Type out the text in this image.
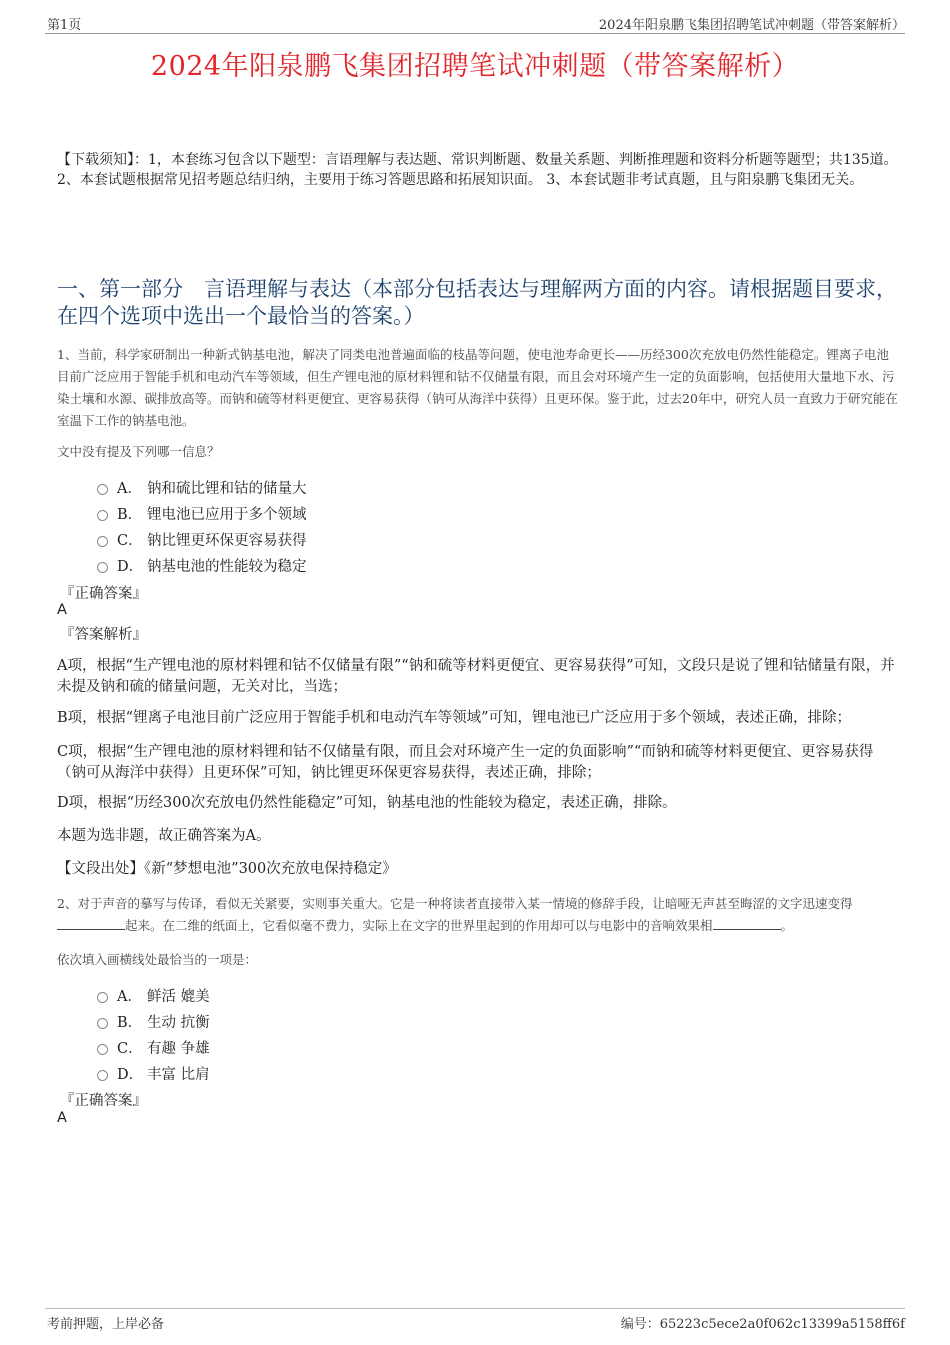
第1页	2024年阳泉鹏飞集团招聘笔试冲刺题（带答案解析）
2024年阳泉鹏飞集团招聘笔试冲刺题（带答案解析）
【下载须知】：1，本套练习包含以下题型：言语理解与表达题、常识判断题、数量关系题、判断推理题和资料分析题等题型；共135道。 2、本套试题根据常见招考题总结归纳，主要用于练习答题思路和拓展知识面。 3、本套试题非考试真题，且与阳泉鹏飞集团无关。
一、第一部分　言语理解与表达（本部分包括表达与理解两方面的内容。请根据题目要求，在四个选项中选出一个最恰当的答案。）
1、当前，科学家研制出一种新式钠基电池，解决了同类电池普遍面临的枝晶等问题，使电池寿命更长——历经300次充放电仍然性能稳定。锂离子电池目前广泛应用于智能手机和电动汽车等领域，但生产锂电池的原材料锂和钴不仅储量有限，而且会对环境产生一定的负面影响，包括使用大量地下水、污染土壤和水源、碳排放高等。而钠和硫等材料更便宜、更容易获得（钠可从海洋中获得）且更环保。鉴于此，过去20年中，研究人员一直致力于研究能在室温下工作的钠基电池。
文中没有提及下列哪一信息？
A． 钠和硫比锂和钴的储量大
B． 锂电池已应用于多个领域
C． 钠比锂更环保更容易获得
D． 钠基电池的性能较为稳定
『正确答案』
A
『答案解析』
A项，根据“生产锂电池的原材料锂和钴不仅储量有限”“钠和硫等材料更便宜、更容易获得”可知，文段只是说了锂和钴储量有限，并未提及钠和硫的储量问题，无关对比，当选；
B项，根据“锂离子电池目前广泛应用于智能手机和电动汽车等领域”可知，锂电池已广泛应用于多个领域，表述正确，排除；
C项，根据“生产锂电池的原材料锂和钴不仅储量有限，而且会对环境产生一定的负面影响”“而钠和硫等材料更便宜、更容易获得（钠可从海洋中获得）且更环保”可知，钠比锂更环保更容易获得，表述正确，排除；
D项，根据“历经300次充放电仍然性能稳定”可知，钠基电池的性能较为稳定，表述正确，排除。
本题为选非题，故正确答案为A。
【文段出处】《新“梦想电池”300次充放电保持稳定》
2、对于声音的摹写与传译，看似无关紧要，实则事关重大。它是一种将读者直接带入某一情境的修辞手段，让暗哑无声甚至晦涩的文字迅速变得起来。在二维的纸面上，它看似毫不费力，实际上在文字的世界里起到的作用却可以与电影中的音响效果相	。
依次填入画横线处最恰当的一项是：
A． 鲜活 媲美
B． 生动 抗衡
C． 有趣 争雄
D． 丰富 比肩
『正确答案』
A
考前押题，上岸必备	编号：65223c5ece2a0f062c13399a5158ff6f
